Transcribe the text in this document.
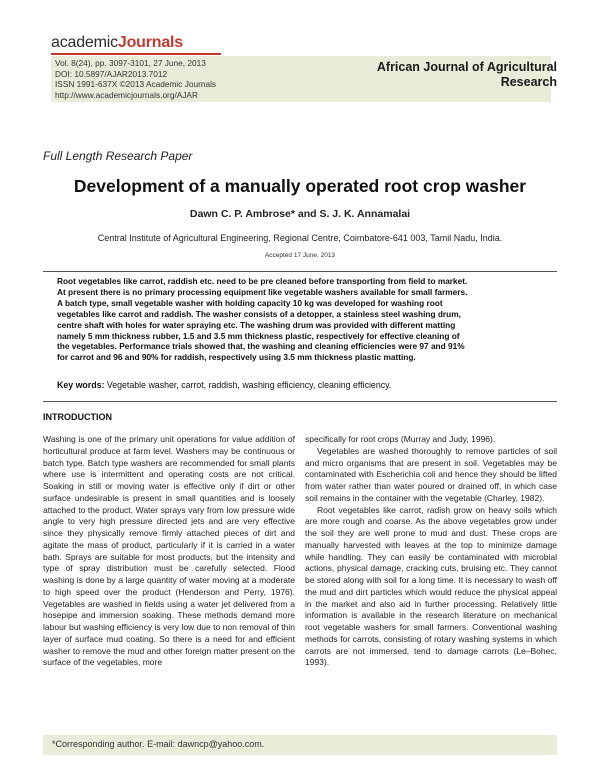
academicJournals
Vol. 8(24), pp. 3097-3101, 27 June, 2013
DOI: 10.5897/AJAR2013.7012
ISSN 1991-637X ©2013 Academic Journals
http://www.academicjournals.org/AJAR
African Journal of Agricultural
Research
Full Length Research Paper
Development of a manually operated root crop washer
Dawn C. P. Ambrose* and S. J. K. Annamalai
Central Institute of Agricultural Engineering, Regional Centre, Coimbatore-641 003, Tamil Nadu, India.
Accepted 17 June, 2013
Root vegetables like carrot, raddish etc. need to be pre cleaned before transporting from field to market.
At present there is no primary processing equipment like vegetable washers available for small farmers.
A batch type, small vegetable washer with holding capacity 10 kg was developed for washing root
vegetables like carrot and raddish. The washer consists of a detopper, a stainless steel washing drum,
centre shaft with holes for water spraying etc. The washing drum was provided with different matting
namely 5 mm thickness rubber, 1.5 and 3.5 mm thickness plastic, respectively for effective cleaning of
the vegetables. Performance trials showed that, the washing and cleaning efficiencies were 97 and 91%
for carrot and 96 and 90% for raddish, respectively using 3.5 mm thickness plastic matting.
Key words: Vegetable washer, carrot, raddish, washing efficiency, cleaning efficiency.
INTRODUCTION

Washing is one of the primary unit operations for value addition of horticultural produce at farm level. Washers may be continuous or batch type. Batch type washers are recommended for small plants where use is intermittent and operating costs are not critical. Soaking in still or moving water is effective only if dirt or other surface undesirable is present in small quantities and is loosely attached to the product. Water sprays vary from low pressure wide angle to very high pressure directed jets and are very effective since they physically remove firmly attached pieces of dirt and agitate the mass of product, particularly if it is carried in a water bath. Sprays are suitable for most products, but the intensity and type of spray distribution must be carefully selected. Flood washing is done by a large quantity of water moving at a moderate to high speed over the product (Henderson and Perry, 1976). Vegetables are washed in fields using a water jet delivered from a hosepipe and immersion soaking. These methods demand more labour but washing efficiency is very low due to non removal of thin layer of surface mud coating. So there is a need for and efficient washer to remove the mud and other foreign matter present on the surface of the vegetables, more

specifically for root crops (Murray and Judy, 1996).

Vegetables are washed thoroughly to remove particles of soil and micro organisms that are present in soil. Vegetables may be contaminated with Escherichia coli and hence they should be lifted from water rather than water poured or drained off, in which case soil remains in the container with the vegetable (Charley, 1982).

Root vegetables like carrot, radish grow on heavy soils which are more rough and coarse. As the above vegetables grow under the soil they are well prone to mud and dust. These crops are manually harvested with leaves at the top to minimize damage while handling. They can easily be contaminated with microbial actions, physical damage, cracking cuts, bruising etc. They cannot be stored along with soil for a long time. It is necessary to wash off the mud and dirt particles which would reduce the physical appeal in the market and also aid in further processing. Relatively little information is available in the research literature on mechanical root vegetable washers for small farmers. Conventional washing methods for carrots, consisting of rotary washing systems in which carrots are not immersed, tend to damage carrots (Le–Bohec, 1993).

*Corresponding author. E-mail: dawncp@yahoo.com.
